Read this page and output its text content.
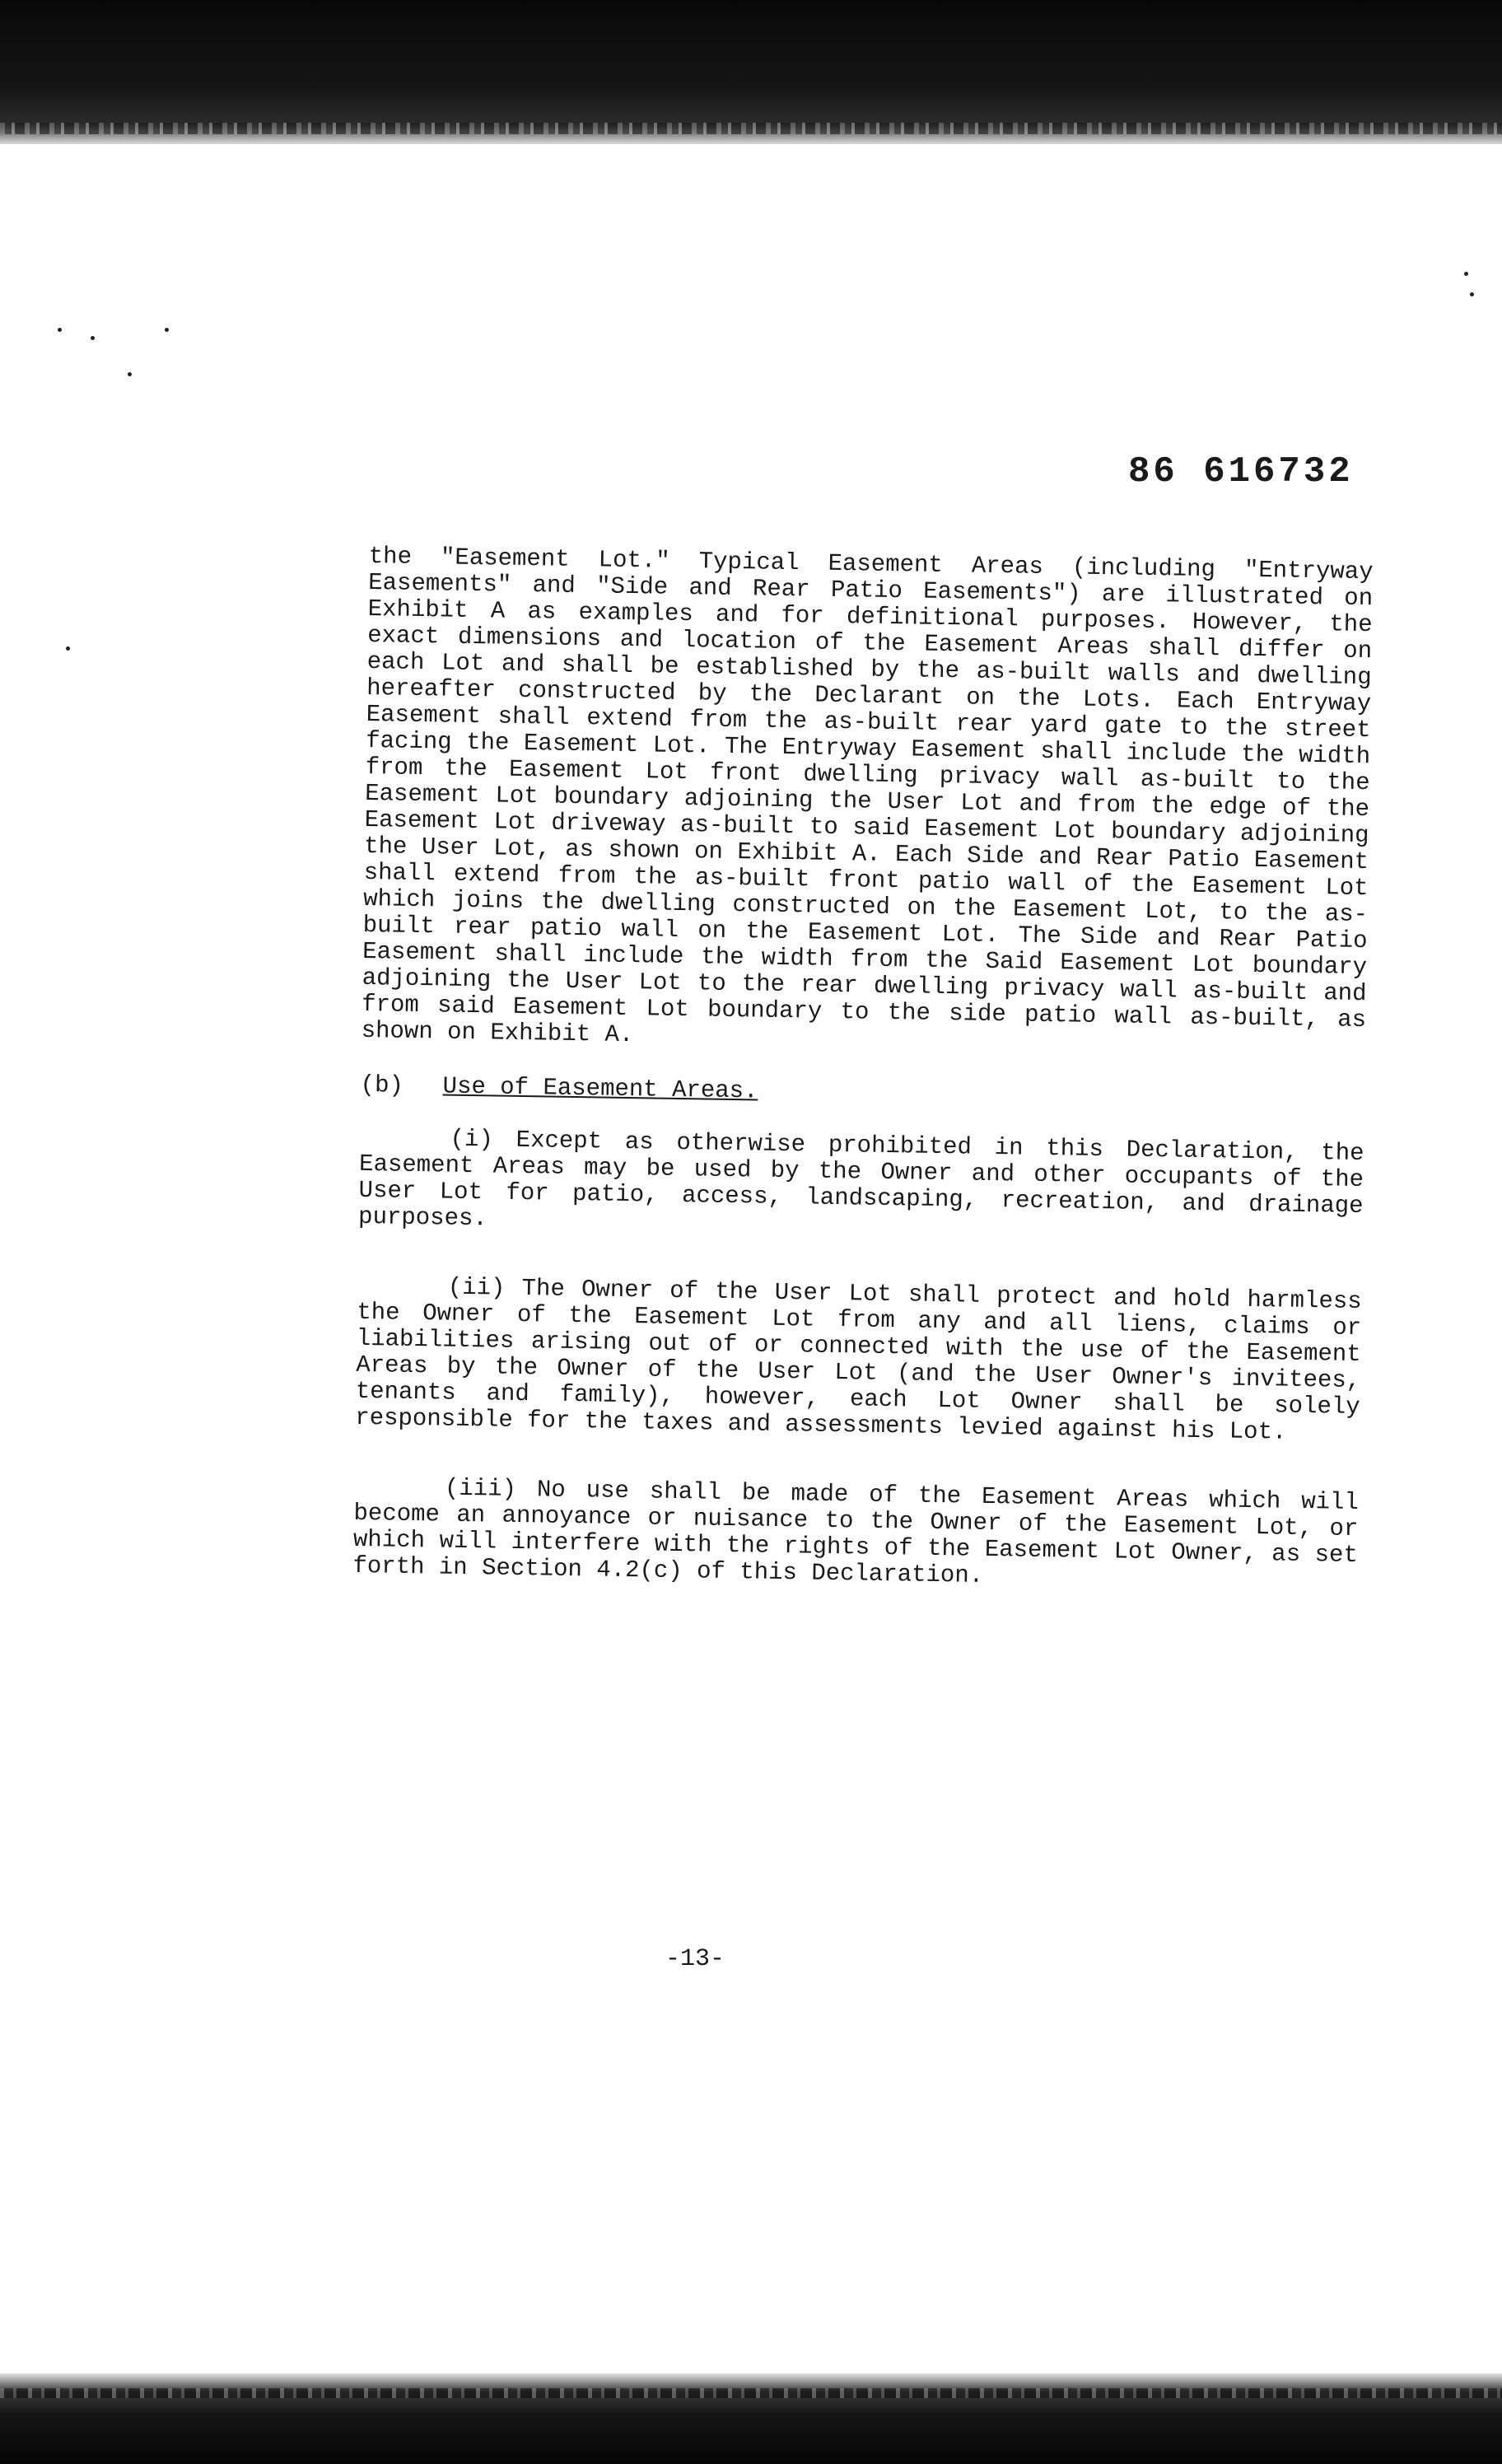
86 616732

the "Easement Lot." Typical Easement Areas (including "Entryway Easements" and "Side and Rear Patio Easements") are illustrated on Exhibit A as examples and for definitional purposes. However, the exact dimensions and location of the Easement Areas shall differ on each Lot and shall be established by the as-built walls and dwelling hereafter constructed by the Declarant on the Lots. Each Entryway Easement shall extend from the as-built rear yard gate to the street facing the Easement Lot. The Entryway Easement shall include the width from the Easement Lot front dwelling privacy wall as-built to the Easement Lot boundary adjoining the User Lot and from the edge of the Easement Lot driveway as-built to said Easement Lot boundary adjoining the User Lot, as shown on Exhibit A. Each Side and Rear Patio Easement shall extend from the as-built front patio wall of the Easement Lot which joins the dwelling constructed on the Easement Lot, to the as-built rear patio wall on the Easement Lot. The Side and Rear Patio Easement shall include the width from the Said Easement Lot boundary adjoining the User Lot to the rear dwelling privacy wall as-built and from said Easement Lot boundary to the side patio wall as-built, as shown on Exhibit A.

(b) Use of Easement Areas.

(i) Except as otherwise prohibited in this Declaration, the Easement Areas may be used by the Owner and other occupants of the User Lot for patio, access, landscaping, recreation, and drainage purposes.

(ii) The Owner of the User Lot shall protect and hold harmless the Owner of the Easement Lot from any and all liens, claims or liabilities arising out of or connected with the use of the Easement Areas by the Owner of the User Lot (and the User Owner's invitees, tenants and family), however, each Lot Owner shall be solely responsible for the taxes and assessments levied against his Lot.

(iii) No use shall be made of the Easement Areas which will become an annoyance or nuisance to the Owner of the Easement Lot, or which will interfere with the rights of the Easement Lot Owner, as set forth in Section 4.2(c) of this Declaration.

-13-
